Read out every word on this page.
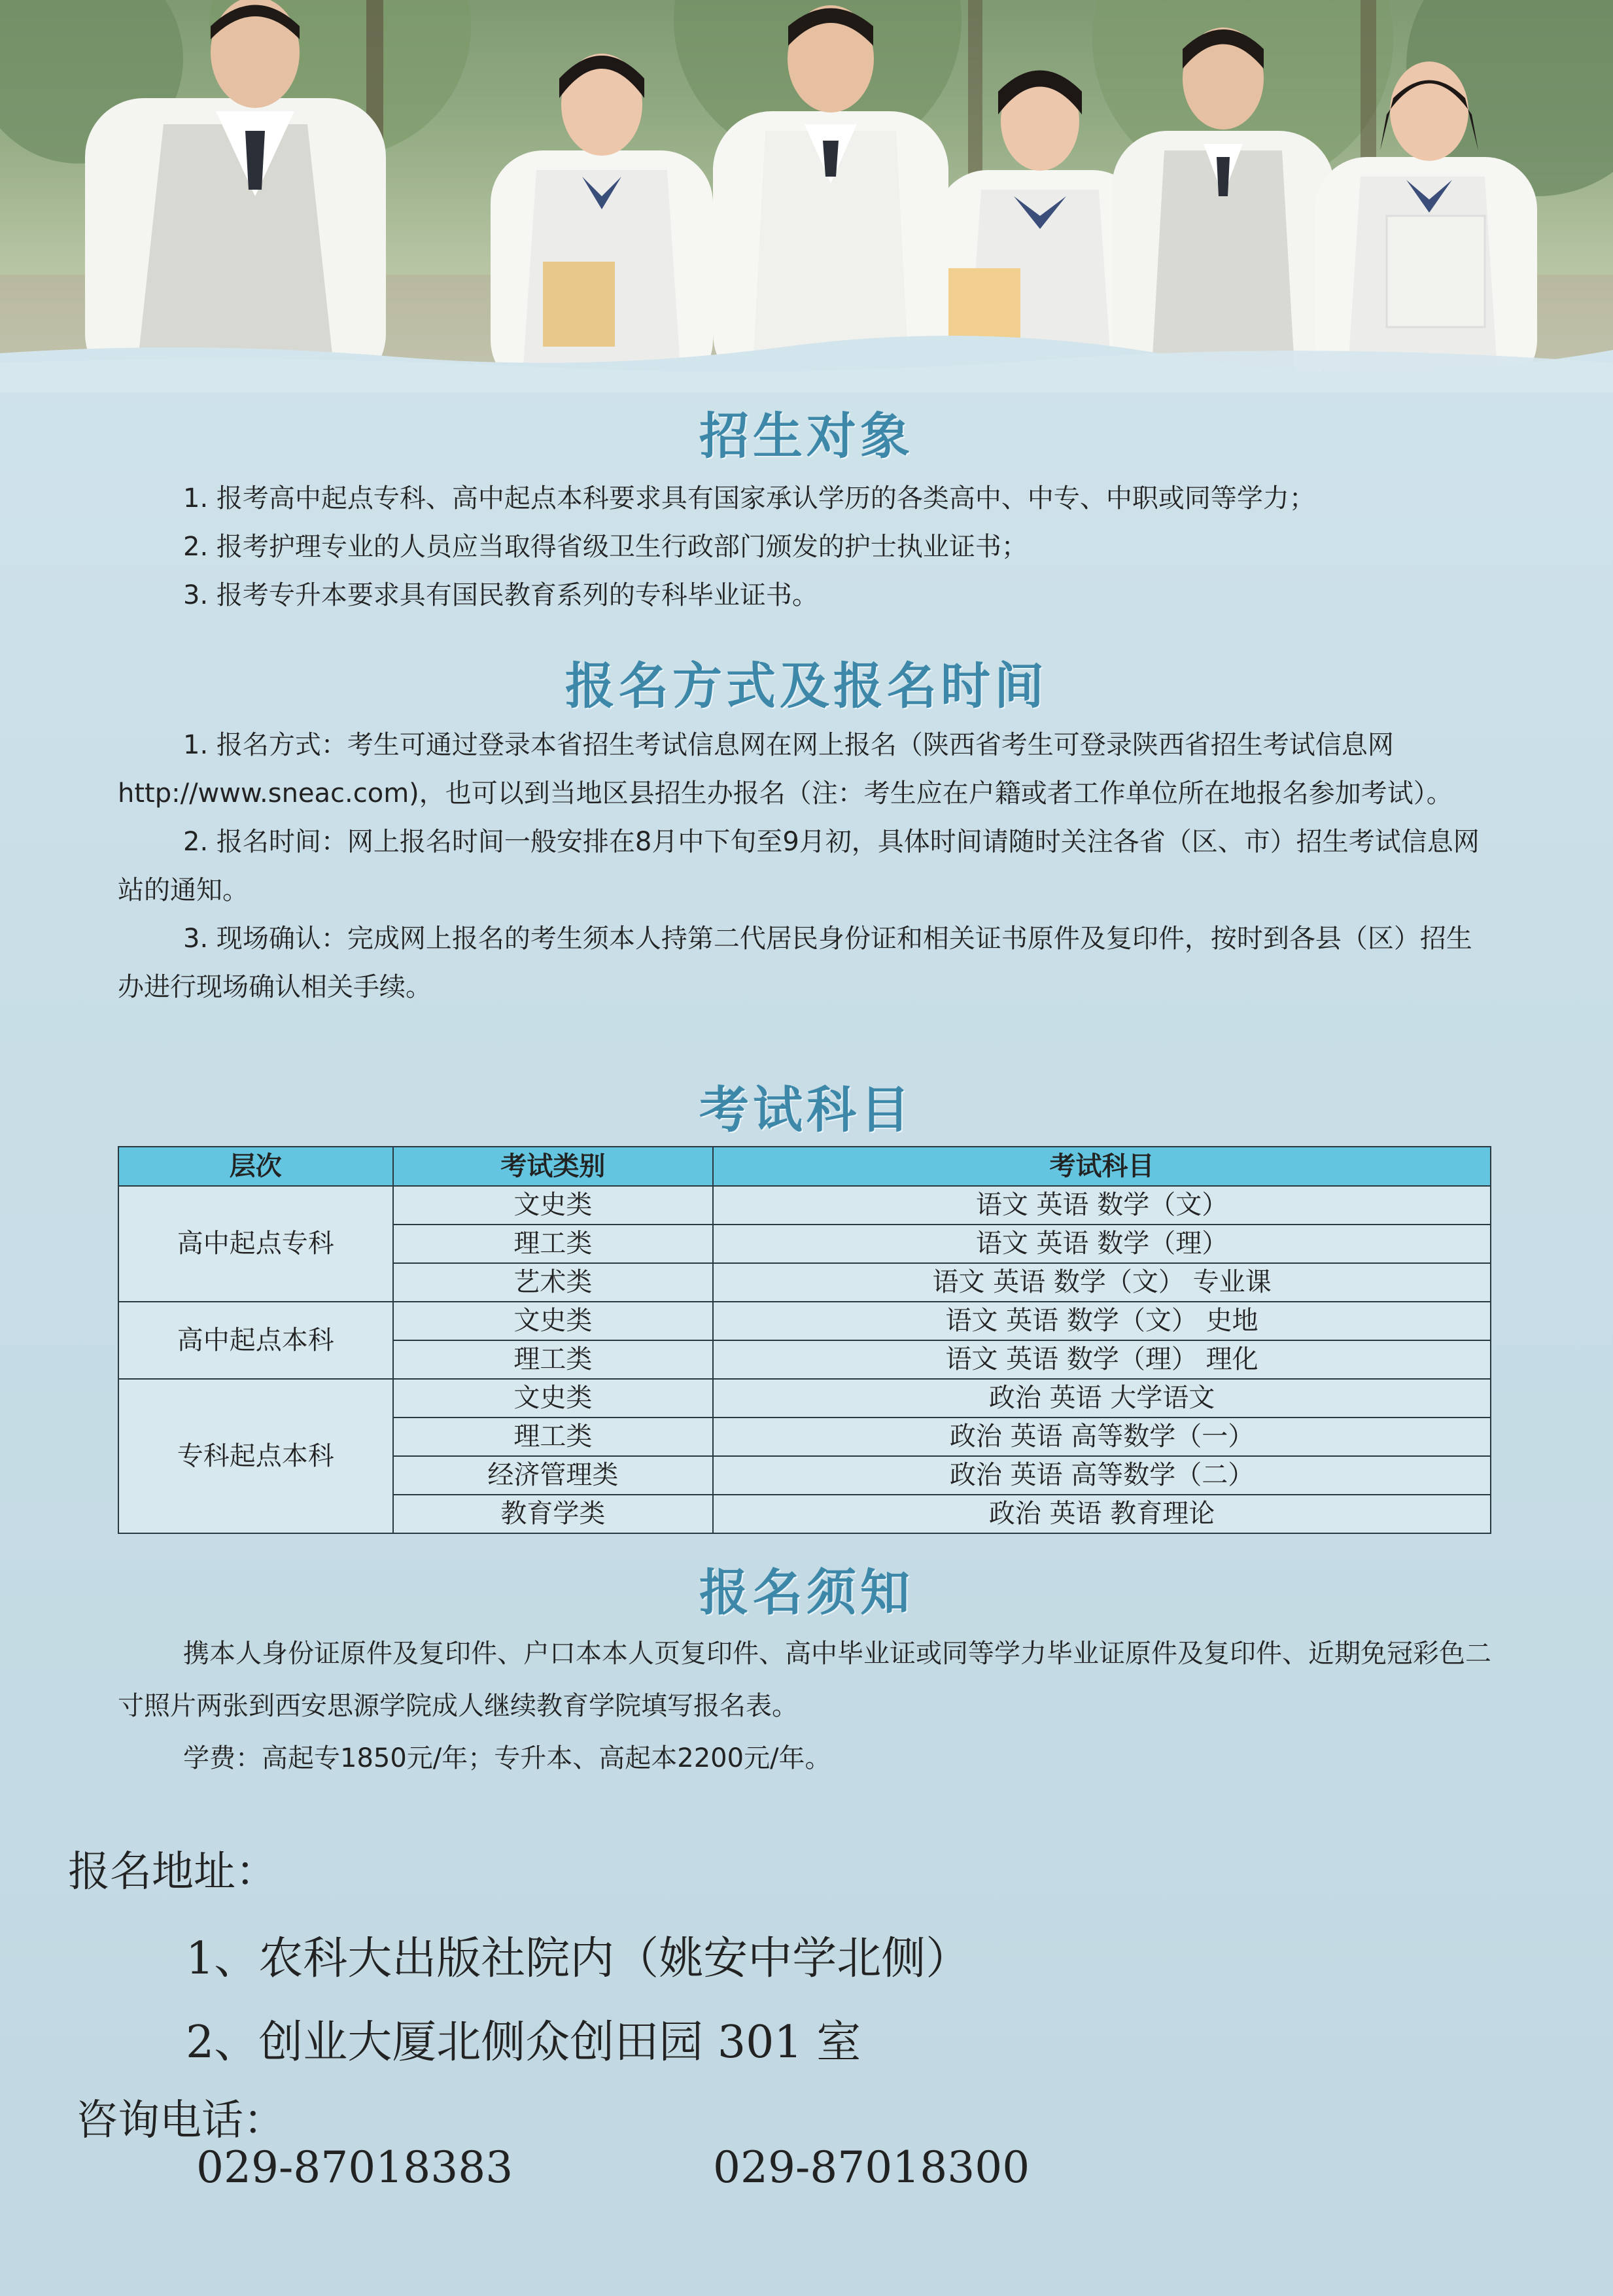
招生对象

1. 报考高中起点专科、高中起点本科要求具有国家承认学历的各类高中、中专、中职或同等学力；

2. 报考护理专业的人员应当取得省级卫生行政部门颁发的护士执业证书；

3. 报考专升本要求具有国民教育系列的专科毕业证书。

报名方式及报名时间

1. 报名方式：考生可通过登录本省招生考试信息网在网上报名（陕西省考生可登录陕西省招生考试信息网http://www.sneac.com)，也可以到当地区县招生办报名（注：考生应在户籍或者工作单位所在地报名参加考试）。

2. 报名时间：网上报名时间一般安排在8月中下旬至9月初，具体时间请随时关注各省（区、市）招生考试信息网站的通知。

3. 现场确认：完成网上报名的考生须本人持第二代居民身份证和相关证书原件及复印件，按时到各县（区）招生办进行现场确认相关手续。

考试科目
层次	考试类别	考试科目
高中起点专科	文史类	语文 英语 数学（文）
	理工类	语文 英语 数学（理）
	艺术类	语文 英语 数学（文） 专业课
高中起点本科	文史类	语文 英语 数学（文） 史地
	理工类	语文 英语 数学（理） 理化
专科起点本科	文史类	政治 英语 大学语文
	理工类	政治 英语 高等数学（一）
	经济管理类	政治 英语 高等数学（二）
	教育学类	政治 英语 教育理论
报名须知

携本人身份证原件及复印件、户口本本人页复印件、高中毕业证或同等学力毕业证原件及复印件、近期免冠彩色二寸照片两张到西安思源学院成人继续教育学院填写报名表。

学费：高起专1850元/年；专升本、高起本2200元/年。

报名地址：
1、农科大出版社院内（姚安中学北侧）
2、创业大厦北侧众创田园 301 室
咨询电话：
029-87018383	029-87018300
